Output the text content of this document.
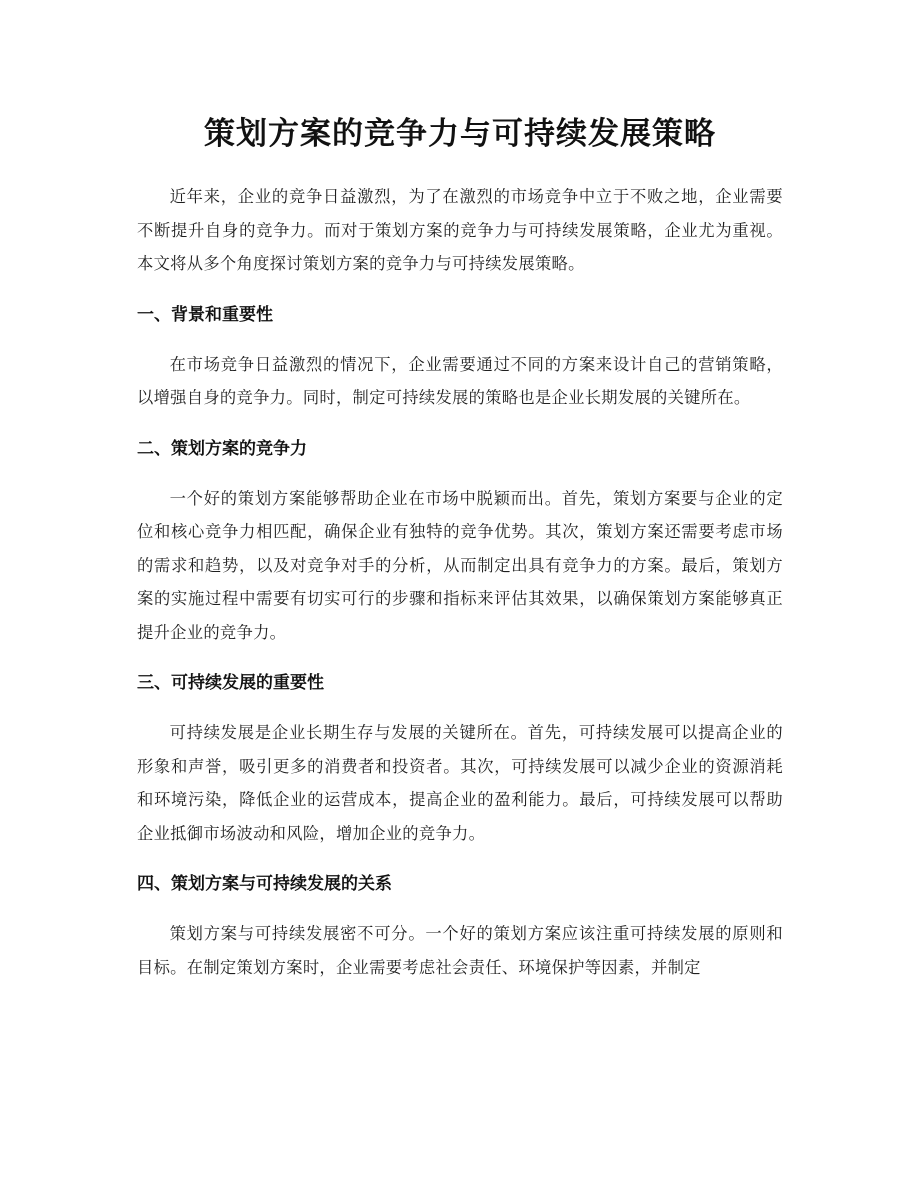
策划方案的竞争力与可持续发展策略

近年来，企业的竞争日益激烈，为了在激烈的市场竞争中立于不败之地，企业需要不断提升自身的竞争力。而对于策划方案的竞争力与可持续发展策略，企业尤为重视。本文将从多个角度探讨策划方案的竞争力与可持续发展策略。

一、背景和重要性

在市场竞争日益激烈的情况下，企业需要通过不同的方案来设计自己的营销策略，以增强自身的竞争力。同时，制定可持续发展的策略也是企业长期发展的关键所在。

二、策划方案的竞争力

一个好的策划方案能够帮助企业在市场中脱颖而出。首先，策划方案要与企业的定位和核心竞争力相匹配，确保企业有独特的竞争优势。其次，策划方案还需要考虑市场的需求和趋势，以及对竞争对手的分析，从而制定出具有竞争力的方案。最后，策划方案的实施过程中需要有切实可行的步骤和指标来评估其效果，以确保策划方案能够真正提升企业的竞争力。

三、可持续发展的重要性

可持续发展是企业长期生存与发展的关键所在。首先，可持续发展可以提高企业的形象和声誉，吸引更多的消费者和投资者。其次，可持续发展可以减少企业的资源消耗和环境污染，降低企业的运营成本，提高企业的盈利能力。最后，可持续发展可以帮助企业抵御市场波动和风险，增加企业的竞争力。

四、策划方案与可持续发展的关系

策划方案与可持续发展密不可分。一个好的策划方案应该注重可持续发展的原则和目标。在制定策划方案时，企业需要考虑社会责任、环境保护等因素，并制定
